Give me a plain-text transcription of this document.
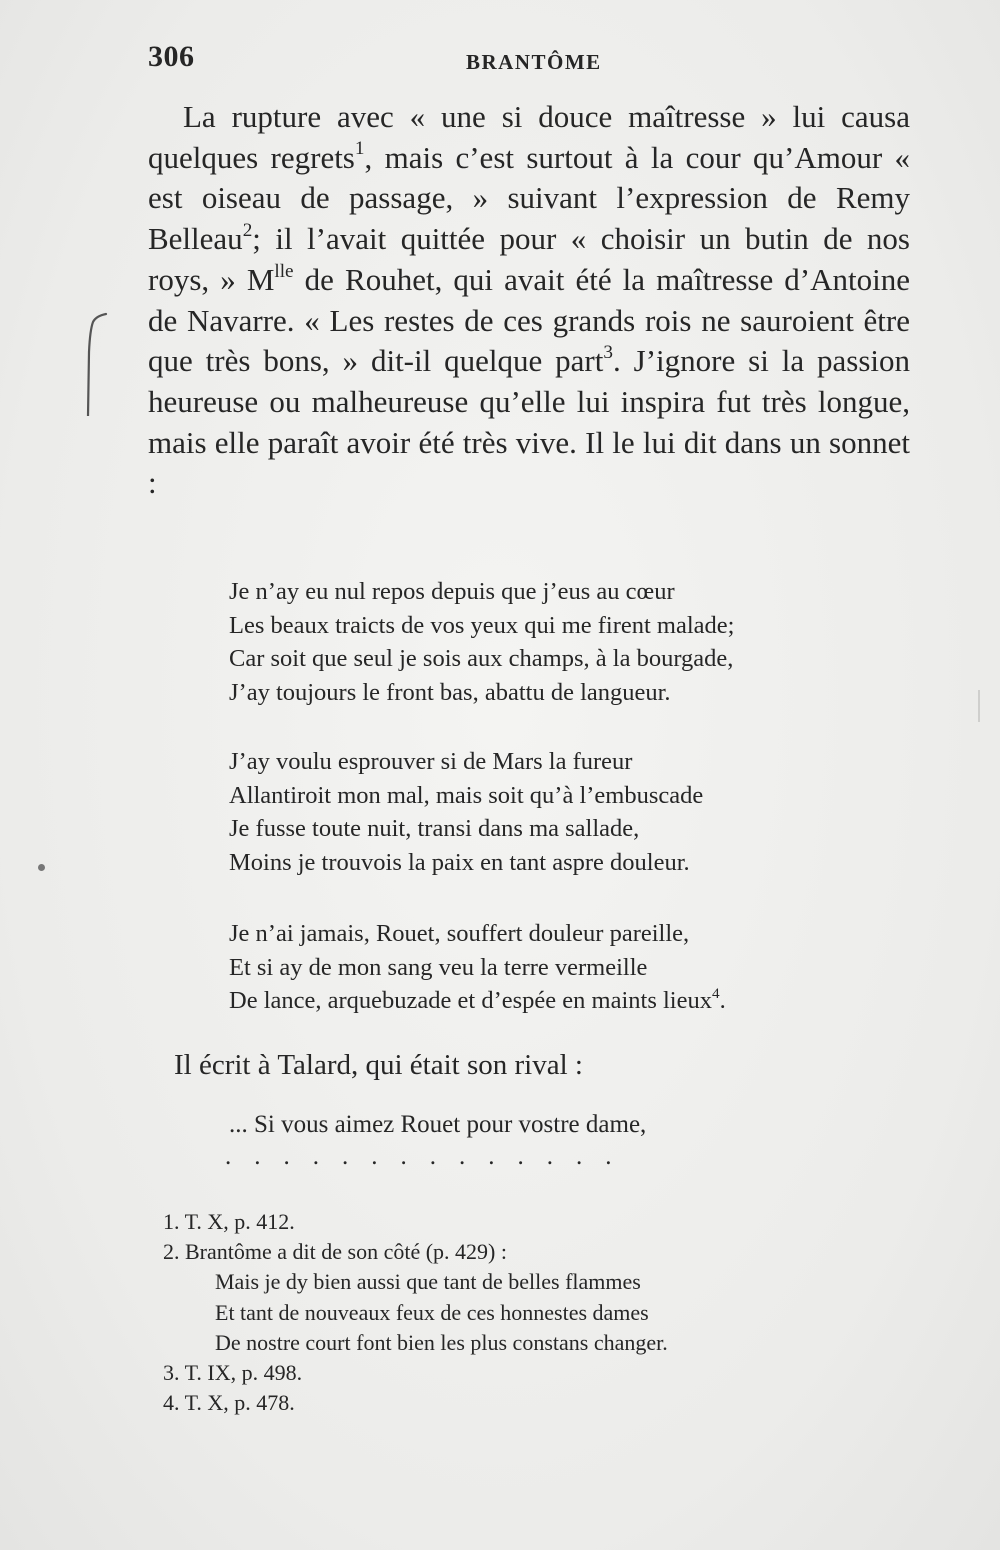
306	BRANTÔME

La rupture avec « une si douce maîtresse » lui causa quelques regrets$^1$, mais c’est surtout à la cour qu’Amour « est oiseau de passage, » suivant l’expression de Remy Belleau$^2$; il l’avait quittée pour « choisir un butin de nos roys, » $M^{lle}$ de Rouhet, qui avait été la maîtresse d’Antoine de Navarre. « Les restes de ces grands rois ne sauroient être que très bons, » dit-il quelque part$^3$. J’ignore si la passion heureuse ou malheureuse qu’elle lui inspira fut très longue, mais elle paraît avoir été très vive. Il le lui dit dans un sonnet :

Je n’ay eu nul repos depuis que j’eus au cœur
Les beaux traicts de vos yeux qui me firent malade;
Car soit que seul je sois aux champs, à la bourgade,
J’ay toujours le front bas, abattu de langueur.
J’ay voulu esprouver si de Mars la fureur
Allantiroit mon mal, mais soit qu’à l’embuscade
Je fusse toute nuit, transi dans ma sallade,
Moins je trouvois la paix en tant aspre douleur.
Je n’ai jamais, Rouet, souffert douleur pareille,
Et si ay de mon sang veu la terre vermeille
De lance, arquebuzade et d’espée en maints lieux$^4$.
Il écrit à Talard, qui était son rival :
... Si vous aimez Rouet pour vostre dame,
..............
1. T. X, p. 412.
2. Brantôme a dit de son côté (p. 429) :
Mais je dy bien aussi que tant de belles flammes
Et tant de nouveaux feux de ces honnestes dames
De nostre court font bien les plus constans changer.
3. T. IX, p. 498.
4. T. X, p. 478.
